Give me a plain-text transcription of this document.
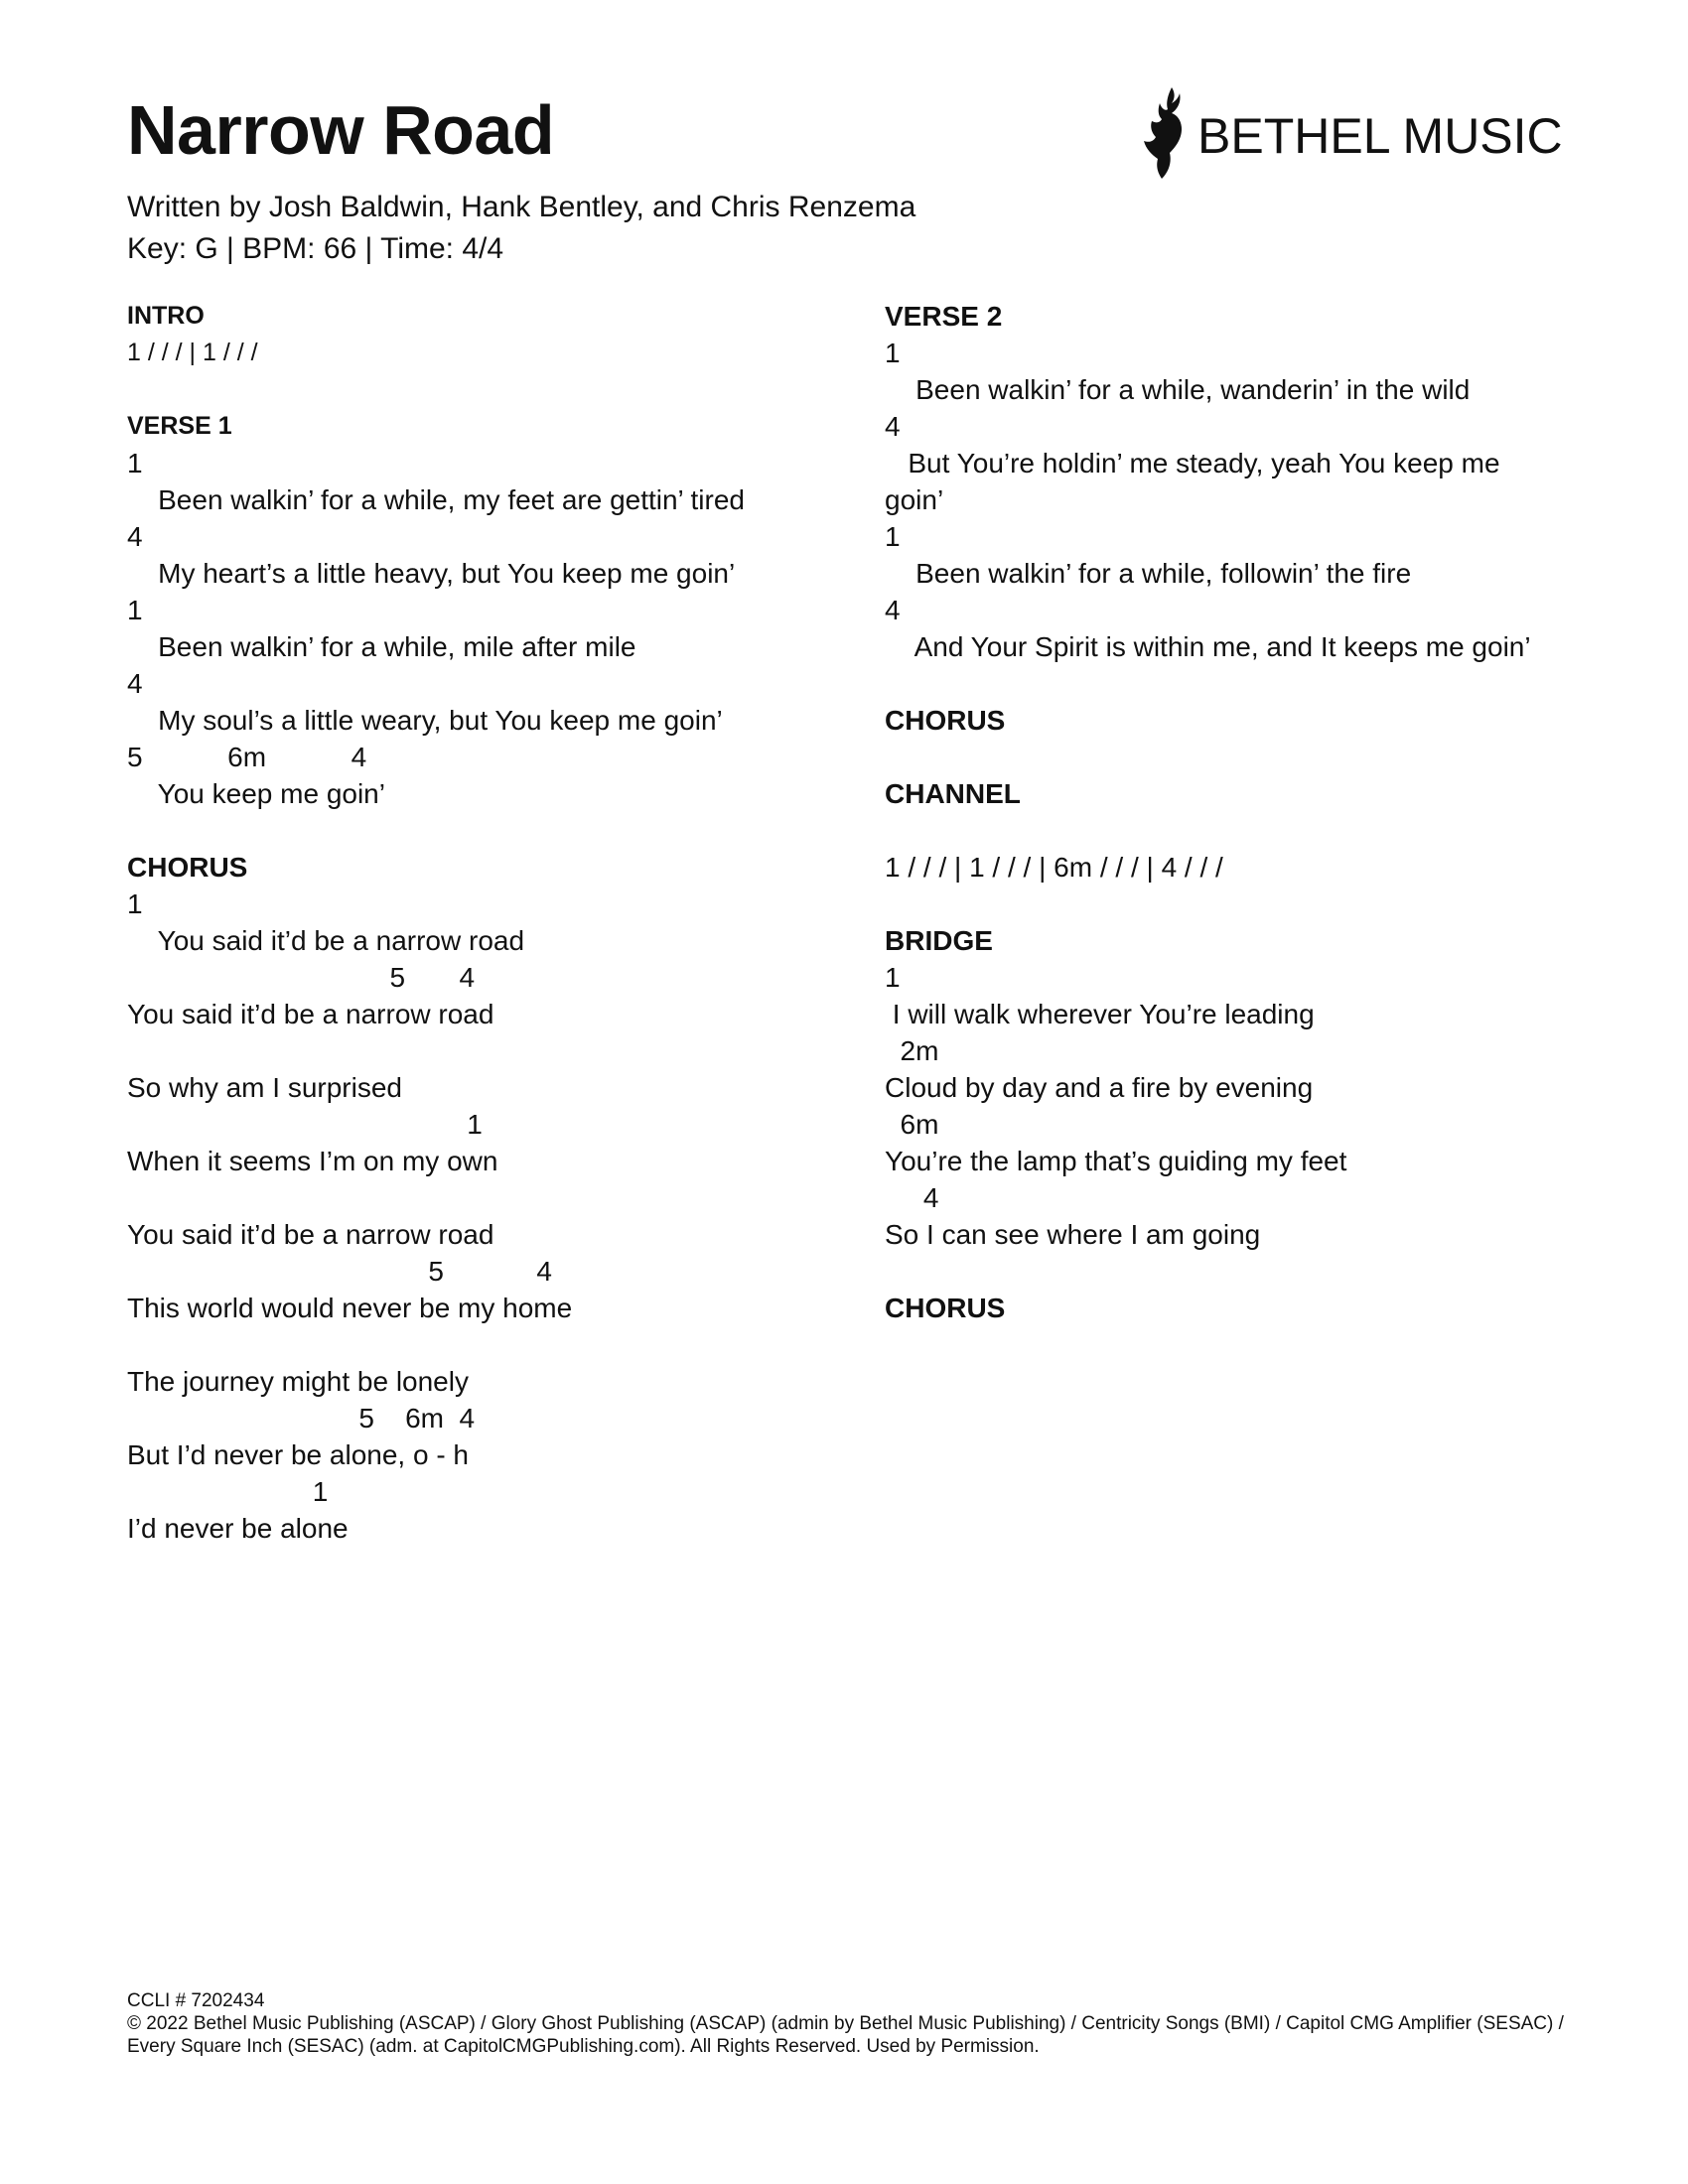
Narrow Road

Written by Josh Baldwin, Hank Bentley, and Chris Renzema

Key: G | BPM: 66 | Time: 4/4

BETHEL MUSIC
INTRO
1 / / / | 1 / / /
VERSE 1
1
Been walkin’ for a while, my feet are gettin’ tired
4
My heart’s a little heavy, but You keep me goin’
1
Been walkin’ for a while, mile after mile
4
My soul’s a little weary, but You keep me goin’
5           6m           4
You keep me goin’
CHORUS
1
You said it’d be a narrow road
5       4
You said it’d be a narrow road
So why am I surprised
1
When it seems I’m on my own
You said it’d be a narrow road
5            4
This world would never be my home
The journey might be lonely
5    6m  4
But I’d never be alone, o - h
1
I’d never be alone
VERSE 2
1
Been walkin’ for a while, wanderin’ in the wild
4
But You’re holdin’ me steady, yeah You keep me
goin’
1
Been walkin’ for a while, followin’ the fire
4
And Your Spirit is within me, and It keeps me goin’
CHORUS
CHANNEL
1 / / / | 1 / / / | 6m / / / | 4 / / /
BRIDGE
1
I will walk wherever You’re leading
2m
Cloud by day and a fire by evening
6m
You’re the lamp that’s guiding my feet
4
So I can see where I am going
CHORUS
CCLI # 7202434
© 2022 Bethel Music Publishing (ASCAP) / Glory Ghost Publishing (ASCAP) (admin by Bethel Music Publishing) / Centricity Songs (BMI) / Capitol CMG Amplifier (SESAC) /
Every Square Inch (SESAC) (adm. at CapitolCMGPublishing.com). All Rights Reserved. Used by Permission.
